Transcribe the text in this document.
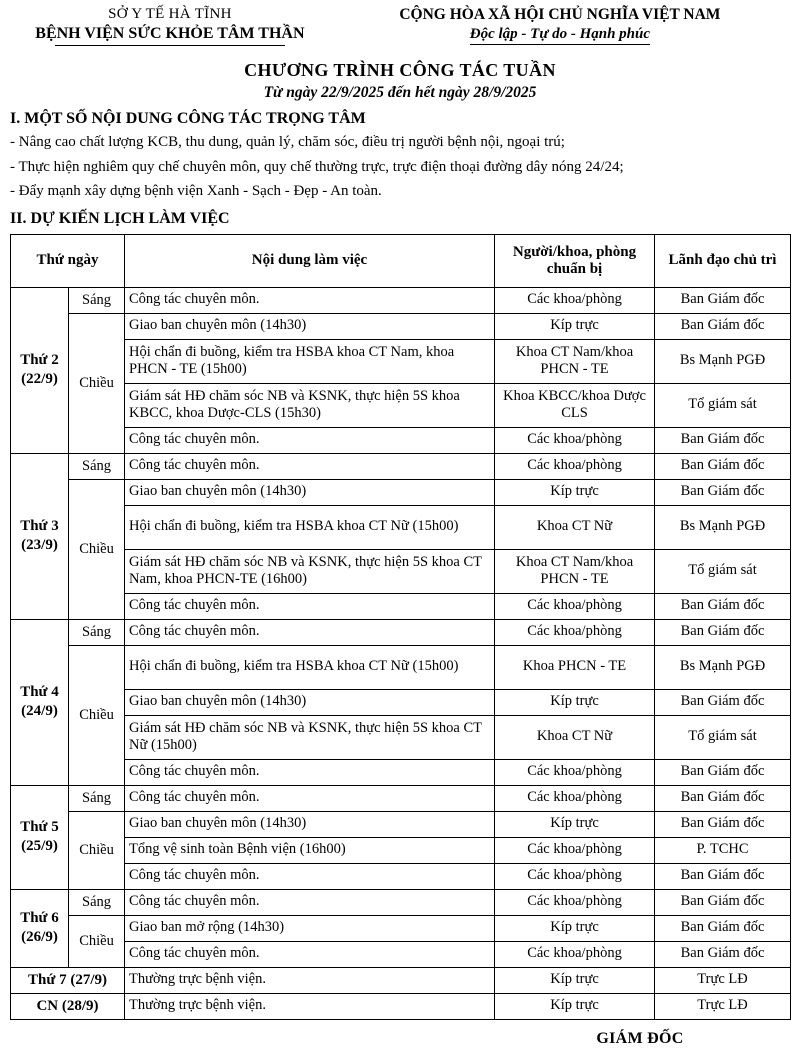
SỞ Y TẾ HÀ TĨNH
BỆNH VIỆN SỨC KHỎE TÂM THẦN
CỘNG HÒA XÃ HỘI CHỦ NGHĨA VIỆT NAM
Độc lập - Tự do - Hạnh phúc
CHƯƠNG TRÌNH CÔNG TÁC TUẦN
Từ ngày 22/9/2025 đến hết ngày 28/9/2025
I. MỘT SỐ NỘI DUNG CÔNG TÁC TRỌNG TÂM
- Nâng cao chất lượng KCB, thu dung, quản lý, chăm sóc, điều trị người bệnh nội, ngoại trú;
- Thực hiện nghiêm quy chế chuyên môn, quy chế thường trực, trực điện thoại đường dây nóng 24/24;
- Đẩy mạnh xây dựng bệnh viện Xanh - Sạch - Đẹp - An toàn.
II. DỰ KIẾN LỊCH LÀM VIỆC
Thứ ngày		Nội dung làm việc	Người/khoa, phòng chuẩn bị	Lãnh đạo chủ trì

Thứ 2
(22/9)	Sáng	Công tác chuyên môn.	Các khoa/phòng	Ban Giám đốc
	Chiều	Giao ban chuyên môn (14h30)	Kíp trực	Ban Giám đốc
		Hội chẩn đi buồng, kiểm tra HSBA khoa CT Nam, khoa PHCN - TE (15h00)	Khoa CT Nam/khoa PHCN - TE	Bs Mạnh PGĐ
		Giám sát HĐ chăm sóc NB và KSNK, thực hiện 5S khoa KBCC, khoa Dược-CLS (15h30)	Khoa KBCC/khoa Dược CLS	Tổ giám sát
		Công tác chuyên môn.	Các khoa/phòng	Ban Giám đốc

Thứ 3
(23/9)	Sáng	Công tác chuyên môn.	Các khoa/phòng	Ban Giám đốc
	Chiều	Giao ban chuyên môn (14h30)	Kíp trực	Ban Giám đốc
		Hội chẩn đi buồng, kiểm tra HSBA khoa CT Nữ (15h00)	Khoa CT Nữ	Bs Mạnh PGĐ
		Giám sát HĐ chăm sóc NB và KSNK, thực hiện 5S khoa CT Nam, khoa PHCN-TE (16h00)	Khoa CT Nam/khoa PHCN - TE	Tổ giám sát
		Công tác chuyên môn.	Các khoa/phòng	Ban Giám đốc

Thứ 4
(24/9)	Sáng	Công tác chuyên môn.	Các khoa/phòng	Ban Giám đốc
	Chiều	Hội chẩn đi buồng, kiểm tra HSBA khoa CT Nữ (15h00)	Khoa PHCN - TE	Bs Mạnh PGĐ
		Giao ban chuyên môn (14h30)	Kíp trực	Ban Giám đốc
		Giám sát HĐ chăm sóc NB và KSNK, thực hiện 5S khoa CT Nữ (15h00)	Khoa CT Nữ	Tổ giám sát
		Công tác chuyên môn.	Các khoa/phòng	Ban Giám đốc

Thứ 5
(25/9)	Sáng	Công tác chuyên môn.	Các khoa/phòng	Ban Giám đốc
	Chiều	Giao ban chuyên môn (14h30)	Kíp trực	Ban Giám đốc
		Tổng vệ sinh toàn Bệnh viện (16h00)	Các khoa/phòng	P. TCHC
		Công tác chuyên môn.	Các khoa/phòng	Ban Giám đốc

Thứ 6
(26/9)	Sáng	Công tác chuyên môn.	Các khoa/phòng	Ban Giám đốc
	Chiều	Giao ban mở rộng (14h30)	Kíp trực	Ban Giám đốc
		Công tác chuyên môn.	Các khoa/phòng	Ban Giám đốc
Thứ 7 (27/9)		Thường trực bệnh viện.	Kíp trực	Trực LĐ
CN (28/9)		Thường trực bệnh viện.	Kíp trực	Trực LĐ
GIÁM ĐỐC
